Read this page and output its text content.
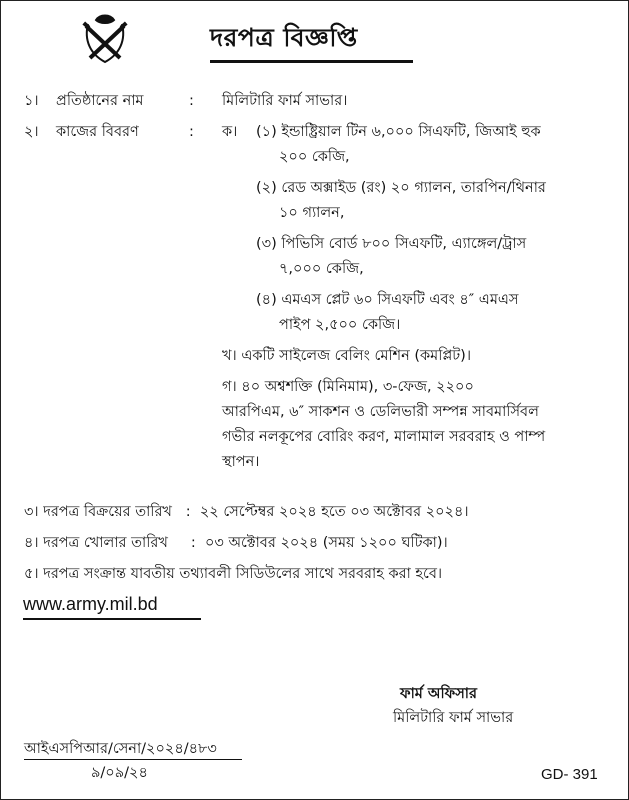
দরপত্র বিজ্ঞপ্তি
১। প্রতিষ্ঠানের নাম	: মিলিটারি ফার্ম সাভার।
২। কাজের বিবরণ	: ক। (১) ইন্ডাষ্ট্রিয়াল টিন ৬,০০০ সিএফটি, জিআই হুক
২০০ কেজি,
(২) রেড অক্সাইড (রং) ২০ গ্যালন, তারপিন/থিনার
১০ গ্যালন,
(৩) পিভিসি বোর্ড ৮০০ সিএফটি, এ্যাঙ্গেল/ট্রাস
৭,০০০ কেজি,
(৪) এমএস প্লেট ৬০ সিএফটি এবং ৪″ এমএস
পাইপ ২,৫০০ কেজি।
খ। একটি সাইলেজ বেলিং মেশিন (কমপ্লিট)।
গ। ৪০ অশ্বশক্তি (মিনিমাম), ৩-ফেজ, ২২০০
আরপিএম, ৬″ সাকশন ও ডেলিভারী সম্পন্ন সাবমার্সিবল
গভীর নলকূপের বোরিং করণ, মালামাল সরবরাহ ও পাম্প
স্থাপন।
৩। দরপত্র বিক্রয়ের তারিখ   :  ২২ সেপ্টেম্বর ২০২৪ হতে ০৩ অক্টোবর ২০২৪।
৪। দরপত্র খোলার তারিখ     :  ০৩ অক্টোবর ২০২৪ (সময় ১২০০ ঘটিকা)।
৫। দরপত্র সংক্রান্ত যাবতীয় তথ্যাবলী সিডিউলের সাথে সরবরাহ করা হবে।
www.army.mil.bd
ফার্ম অফিসার
মিলিটারি ফার্ম সাভার
আইএসপিআর/সেনা/২০২৪/৪৮৩
৯/০৯/২৪	GD- 391
